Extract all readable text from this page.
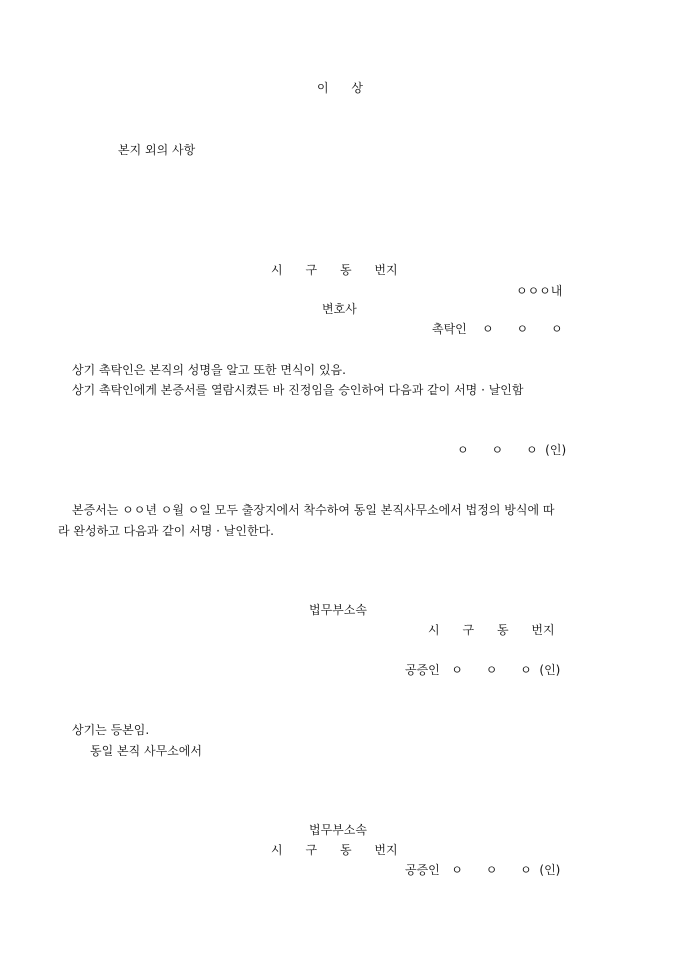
이      상
본지 외의 사항
시      구      동      번지
ㅇㅇㅇ내
변호사
촉탁인    ㅇ      ㅇ      ㅇ
상기 촉탁인은 본직의 성명을 알고 또한 면식이 있음.
상기 촉탁인에게 본증서를 열람시켰든 바 진정임을 승인하여 다음과 같이 서명 · 날인함
ㅇ      ㅇ      ㅇ  (인)
본증서는 ㅇㅇ년 ㅇ월 ㅇ일 모두 출장지에서 착수하여 동일 본직사무소에서 법정의 방식에 따
라 완성하고 다음과 같이 서명 · 날인한다.
법무부소속
시      구      동      번지
공증인   ㅇ      ㅇ      ㅇ  (인)
상기는 등본임.
동일 본직 사무소에서
법무부소속
시      구      동      번지
공증인   ㅇ      ㅇ      ㅇ  (인)
